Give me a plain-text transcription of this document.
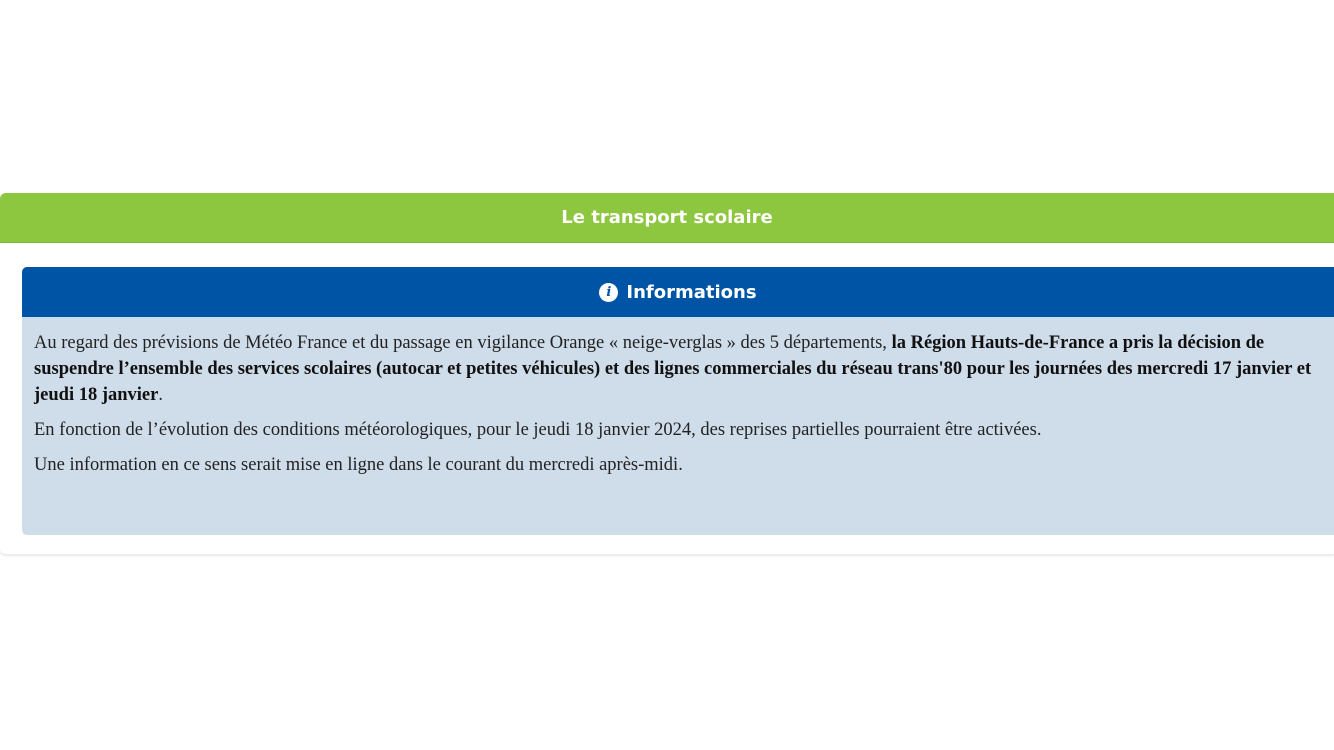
Le transport scolaire
i Informations

Au regard des prévisions de Météo France et du passage en vigilance Orange « neige-verglas » des 5 départements, la Région Hauts-de-France a pris la décision de suspendre l’ensemble des services scolaires (autocar et petites véhicules) et des lignes commerciales du réseau trans'80 pour les journées des mercredi 17 janvier et jeudi 18 janvier.

En fonction de l’évolution des conditions météorologiques, pour le jeudi 18 janvier 2024, des reprises partielles pourraient être activées.

Une information en ce sens serait mise en ligne dans le courant du mercredi après-midi.
